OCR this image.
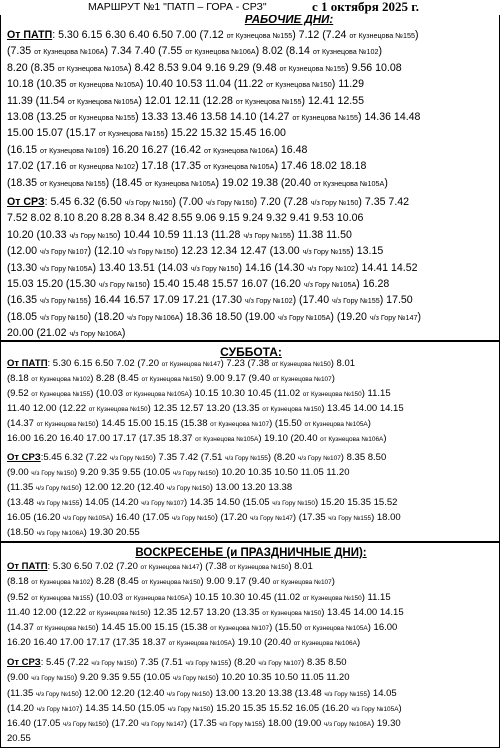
МАРШРУТ №1 "ПАТП – ГОРА - СРЗ"	с 1 октября 2025 г.
РАБОЧИЕ ДНИ:
От ПАТП: 5.30 6.15 6.30 6.40 6.50 7.00 (7.12 от Кузнецова №155) 7.12 (7.24 от Кузнецова №155)
(7.35 от Кузнецова №106А) 7.34 7.40 (7.55 от Кузнецова №106А) 8.02 (8.14 от Кузнецова №102)
8.20 (8.35 от Кузнецова №105А) 8.42 8.53 9.04 9.16 9.29 (9.48 от Кузнецова №155) 9.56 10.08
10.18 (10.35 от Кузнецова №105А) 10.40 10.53 11.04 (11.22 от Кузнецова №150) 11.29
11.39 (11.54 от Кузнецова №105А) 12.01 12.11 (12.28 от Кузнецова №155) 12.41 12.55
13.08 (13.25 от Кузнецова №155) 13.33 13.46 13.58 14.10 (14.27 от Кузнецова №155) 14.36 14.48
15.00 15.07 (15.17 от Кузнецова №155) 15.22 15.32 15.45 16.00
(16.15 от Кузнецова №109) 16.20 16.27 (16.42 от Кузнецова №106А) 16.48
17.02 (17.16 от Кузнецова №102) 17.18 (17.35 от Кузнецова №105А) 17.46 18.02 18.18
(18.35 от Кузнецова №155) (18.45 от Кузнецова №105А) 19.02 19.38 (20.40 от Кузнецова №105А)
От СРЗ: 5.45 6.32 (6.50 ч/з Гору №150) (7.00 ч/з Гору №150) 7.20 (7.28 ч/з Гору №150) 7.35 7.42
7.52 8.02 8.10 8.20 8.28 8.34 8.42 8.55 9.06 9.15 9.24 9.32 9.41 9.53 10.06
10.20 (10.33 ч/з Гору №150) 10.44 10.59 11.13 (11.28 ч/з Гору №155) 11.38 11.50
(12.00 ч/з Гору №107) (12.10 ч/з Гору №150) 12.23 12.34 12.47 (13.00 ч/з Гору №155) 13.15
(13.30 ч/з Гору №105А) 13.40 13.51 (14.03 ч/з Гору №150) 14.16 (14.30 ч/з Гору №102) 14.41 14.52
15.03 15.20 (15.30 ч/з Гору №150) 15.40 15.48 15.57 16.07 (16.20 ч/з Гору №105А) 16.28
(16.35 ч/з Гору №155) 16.44 16.57 17.09 17.21 (17.30 ч/з Гору №102) (17.40 ч/з Гору №155) 17.50
(18.05 ч/з Гору №150) (18.20 ч/з Гору №106А) 18.36 18.50 (19.00 ч/з Гору №105А) (19.20 ч/з Гору №147)
20.00 (21.02 ч/з Гору №106А)
СУББОТА:
От ПАТП: 5.30 6.15 6.50 7.02 (7.20 от Кузнецова №147) 7.23 (7.38 от Кузнецова №150) 8.01
(8.18 от Кузнецова №102) 8.28 (8.45 от Кузнецова №150) 9.00 9.17 (9.40 от Кузнецова №107)
(9.52 от Кузнецова №155) (10.03 от Кузнецова №105А) 10.15 10.30 10.45 (11.02 от Кузнецова №150) 11.15
11.40 12.00 (12.22 от Кузнецова №150) 12.35 12.57 13.20 (13.35 от Кузнецова №150) 13.45 14.00 14.15
(14.37 от Кузнецова №150) 14.45 15.00 15.15 (15.38 от Кузнецова №107) (15.50 от Кузнецова №105А)
16.00 16.20 16.40 17.00 17.17 (17.35 18.37 от Кузнецова №105А) 19.10 (20.40 от Кузнецова №106А)
От СРЗ:5.45 6.32 (7.22 ч/з Гору №150) 7.35 7.42 (7.51 ч/з Гору №155) (8.20 ч/з Гору №107) 8.35 8.50
(9.00 ч/з Гору №150) 9.20 9.35 9.55 (10.05 ч/з Гору №150) 10.20 10.35 10.50 11.05 11.20
(11.35 ч/з Гору №150) 12.00 12.20 (12.40 ч/з Гору №150) 13.00 13.20 13.38
(13.48 ч/з Гору №155) 14.05 (14.20 ч/з Гору №107) 14.35 14.50 (15.05 ч/з Гору №150) 15.20 15.35 15.52
16.05 (16.20 ч/з Гору №105А) 16.40 (17.05 ч/з Гору №150) (17.20 ч/з Гору №147) (17.35 ч/з Гору №155) 18.00
(18.50 ч/з Гору №106А) 19.30 20.55
ВОСКРЕСЕНЬЕ (и ПРАЗДНИЧНЫЕ ДНИ):
От ПАТП: 5.30 6.50 7.02 (7.20 от Кузнецова №147) (7.38 от Кузнецова №150) 8.01
(8.18 от Кузнецова №102) 8.28 (8.45 от Кузнецова №150) 9.00 9.17 (9.40 от Кузнецова №107)
(9.52 от Кузнецова №155) (10.03 от Кузнецова №105А) 10.15 10.30 10.45 (11.02 от Кузнецова №150) 11.15
11.40 12.00 (12.22 от Кузнецова №150) 12.35 12.57 13.20 (13.35 от Кузнецова №150) 13.45 14.00 14.15
(14.37 от Кузнецова №150) 14.45 15.00 15.15 (15.38 от Кузнецова №107) (15.50 от Кузнецова №105А) 16.00
16.20 16.40 17.00 17.17 (17.35 18.37 от Кузнецова №105А) 19.10 (20.40 от Кузнецова №106А)
От СРЗ: 5.45 (7.22 ч/з Гору №150) 7.35 (7.51 ч/з Гору №155) (8.20 ч/з Гору №107) 8.35 8.50
(9.00 ч/з Гору №150) 9.20 9.35 9.55 (10.05 ч/з Гору №150) 10.20 10.35 10.50 11.05 11.20
(11.35 ч/з Гору №150) 12.00 12.20 (12.40 ч/з Гору №150) 13.00 13.20 13.38 (13.48 ч/з Гору №155) 14.05
(14.20 ч/з Гору №107) 14.35 14.50 (15.05 ч/з Гору №150) 15.20 15.35 15.52 16.05 (16.20 ч/з Гору №105А)
16.40 (17.05 ч/з Гору №150) (17.20 ч/з Гору №147) (17.35 ч/з Гору №155) 18.00 (19.00 ч/з Гору №106А) 19.30
20.55
